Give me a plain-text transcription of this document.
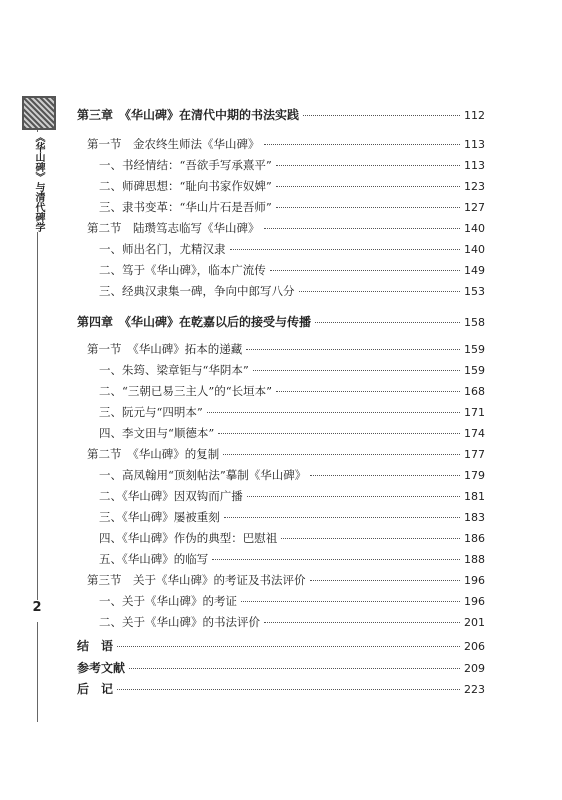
《华山碑》与清代碑学
2
第三章　《华山碑》在清代中期的书法实践	112
第一节　金农终生师法《华山碑》	113
一、书经情结：“吾欲手写承熹平”	113
二、师碑思想：“耻向书家作奴婢”	123
三、隶书变革：“华山片石是吾师”	127
第二节　陆瓒笃志临写《华山碑》	140
一、师出名门，尤精汉隶	140
二、笃于《华山碑》，临本广流传	149
三、经典汉隶集一碑，争向中郎写八分	153
第四章　《华山碑》在乾嘉以后的接受与传播	158
第一节　《华山碑》拓本的递藏	159
一、朱筠、梁章钜与“华阴本”	159
二、“三朝已易三主人”的“长垣本”	168
三、阮元与“四明本”	171
四、李文田与“顺德本”	174
第二节　《华山碑》的复制	177
一、高凤翰用“顶刻帖法”摹制《华山碑》	179
二、《华山碑》因双钩而广播	181
三、《华山碑》屡被重刻	183
四、《华山碑》作伪的典型：巴慰祖	186
五、《华山碑》的临写	188
第三节　关于《华山碑》的考证及书法评价	196
一、关于《华山碑》的考证	196
二、关于《华山碑》的书法评价	201
结　语	206
参考文献	209
后　记	223
